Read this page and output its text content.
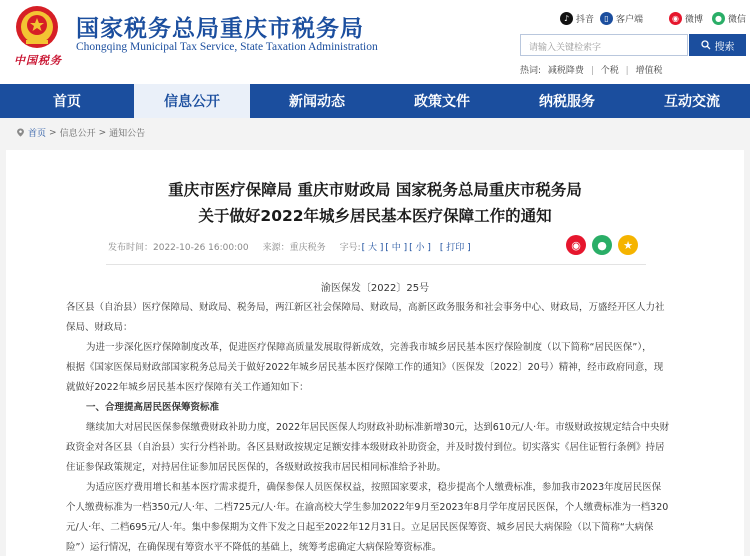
中国税务
国家税务总局重庆市税务局
Chongqing Municipal Tax Service, State Taxation Administration
♪ 抖音	▯ 客户端	◉ 微博	● 微信
请输入关键检索字	搜索
热词: 减税降费 | 个税 | 增值税
首页	信息公开	新闻动态	政策文件	纳税服务	互动交流
首页 > 信息公开 > 通知公告
重庆市医疗保障局 重庆市财政局 国家税务总局重庆市税务局
关于做好2022年城乡居民基本医疗保障工作的通知
发布时间：2022-10-26 16:00:00 来源：重庆税务 字号: [ 大 ] [ 中 ] [ 小 ] [ 打印 ]	◉	●	★
渝医保发〔2022〕25号
各区县（自治县）医疗保障局、财政局、税务局，两江新区社会保障局、财政局，高新区政务服务和社会事务中心、财政局，万盛经开区人力社
保局、财政局：
为进一步深化医疗保障制度改革，促进医疗保障高质量发展取得新成效，完善我市城乡居民基本医疗保险制度（以下简称“居民医保”），
根据《国家医保局财政部国家税务总局关于做好2022年城乡居民基本医疗保障工作的通知》（医保发〔2022〕20号）精神，经市政府同意，现
就做好2022年城乡居民基本医疗保障有关工作通知如下：
一、合理提高居民医保筹资标准
继续加大对居民医保参保缴费财政补助力度，2022年居民医保人均财政补助标准新增30元，达到610元/人·年。市级财政按规定结合中央财
政资金对各区县（自治县）实行分档补助。各区县财政按规定足额安排本级财政补助资金，并及时拨付到位。切实落实《居住证暂行条例》持居
住证参保政策规定，对持居住证参加居民医保的，各级财政按我市居民相同标准给予补助。
为适应医疗费用增长和基本医疗需求提升，确保参保人员医保权益，按照国家要求，稳步提高个人缴费标准，参加我市2023年度居民医保
个人缴费标准为一档350元/人·年、二档725元/人·年。在渝高校大学生参加2022年9月至2023年8月学年度居民医保，个人缴费标准为一档320
元/人·年、二档695元/人·年。集中参保期为文件下发之日起至2022年12月31日。立足居民医保筹资、城乡居民大病保险（以下简称“大病保
险”）运行情况，在确保现有筹资水平不降低的基础上，统筹考虑确定大病保险筹资标准。
